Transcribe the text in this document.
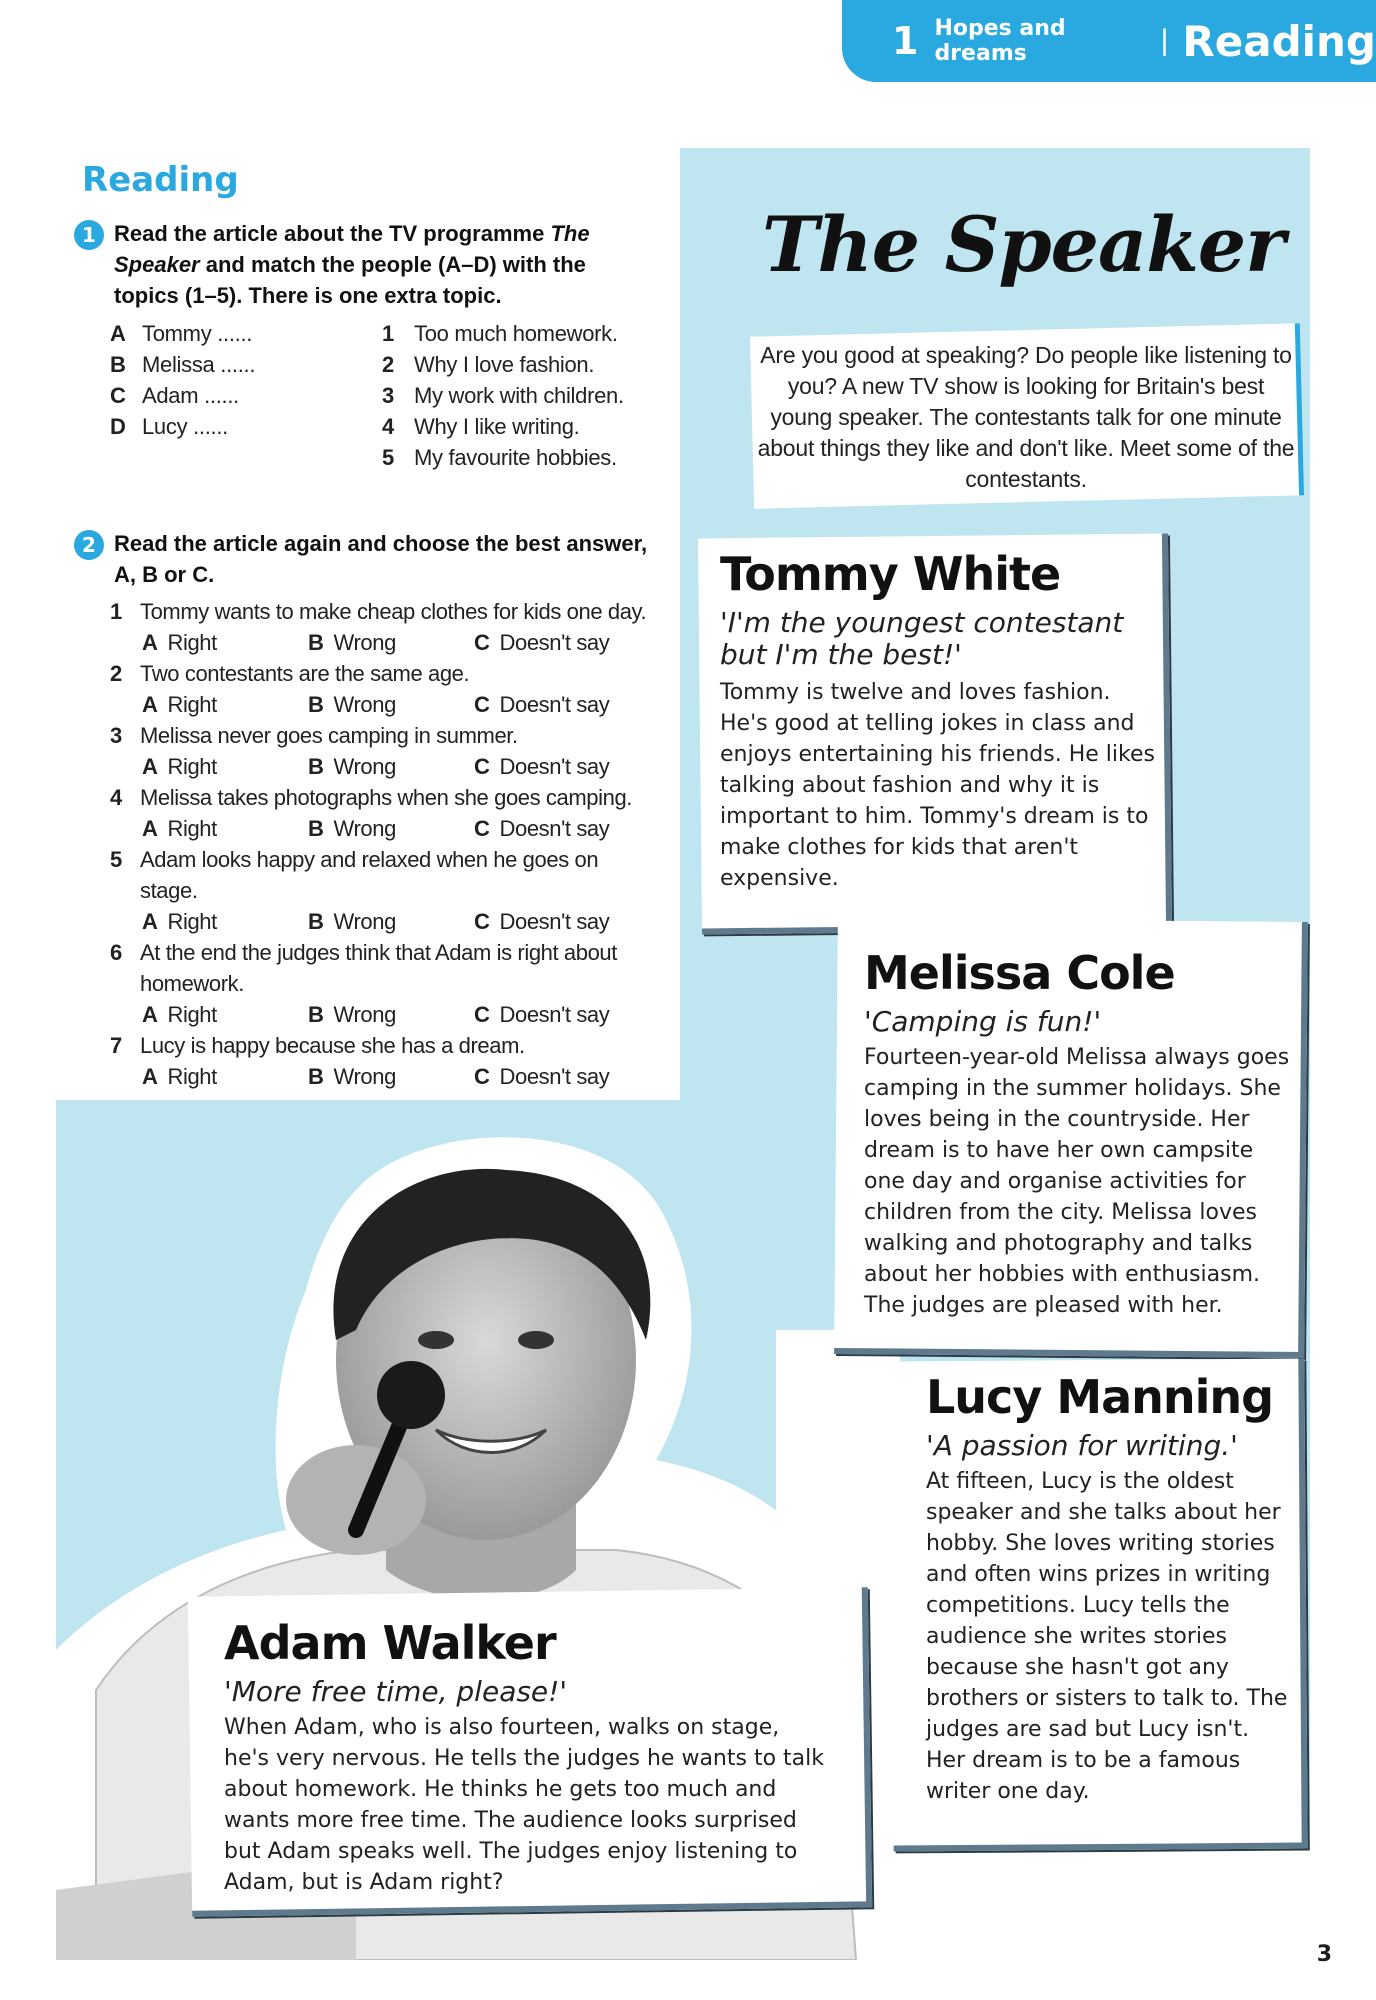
1 Hopes and dreams	| Reading
Reading
1 Read the article about the TV programme The Speaker and match the people (A–D) with the topics (1–5). There is one extra topic.
A Tommy ......
B Melissa ......
C Adam ......
D Lucy ......
1 Too much homework.
2 Why I love fashion.
3 My work with children.
4 Why I like writing.
5 My favourite hobbies.
2 Read the article again and choose the best answer, A, B or C.
1 Tommy wants to make cheap clothes for kids one day.
A Right	B Wrong	C Doesn't say
2 Two contestants are the same age.
A Right	B Wrong	C Doesn't say
3 Melissa never goes camping in summer.
A Right	B Wrong	C Doesn't say
4 Melissa takes photographs when she goes camping.
A Right	B Wrong	C Doesn't say
5 Adam looks happy and relaxed when he goes on stage.
A Right	B Wrong	C Doesn't say
6 At the end the judges think that Adam is right about homework.
A Right	B Wrong	C Doesn't say
7 Lucy is happy because she has a dream.
A Right	B Wrong	C Doesn't say
The Speaker
Are you good at speaking? Do people like listening to you? A new TV show is looking for Britain's best young speaker. The contestants talk for one minute about things they like and don't like. Meet some of the contestants.
Tommy White
'I'm the youngest contestant but I'm the best!'
Tommy is twelve and loves fashion. He's good at telling jokes in class and enjoys entertaining his friends. He likes talking about fashion and why it is important to him. Tommy's dream is to make clothes for kids that aren't expensive.
Melissa Cole
'Camping is fun!'
Fourteen-year-old Melissa always goes camping in the summer holidays. She loves being in the countryside. Her dream is to have her own campsite one day and organise activities for children from the city. Melissa loves walking and photography and talks about her hobbies with enthusiasm. The judges are pleased with her.
Lucy Manning
'A passion for writing.'
At fifteen, Lucy is the oldest speaker and she talks about her hobby. She loves writing stories and often wins prizes in writing competitions. Lucy tells the audience she writes stories because she hasn't got any brothers or sisters to talk to. The judges are sad but Lucy isn't. Her dream is to be a famous writer one day.
Adam Walker
'More free time, please!'
When Adam, who is also fourteen, walks on stage, he's very nervous. He tells the judges he wants to talk about homework. He thinks he gets too much and wants more free time. The audience looks surprised but Adam speaks well. The judges enjoy listening to Adam, but is Adam right?
3
